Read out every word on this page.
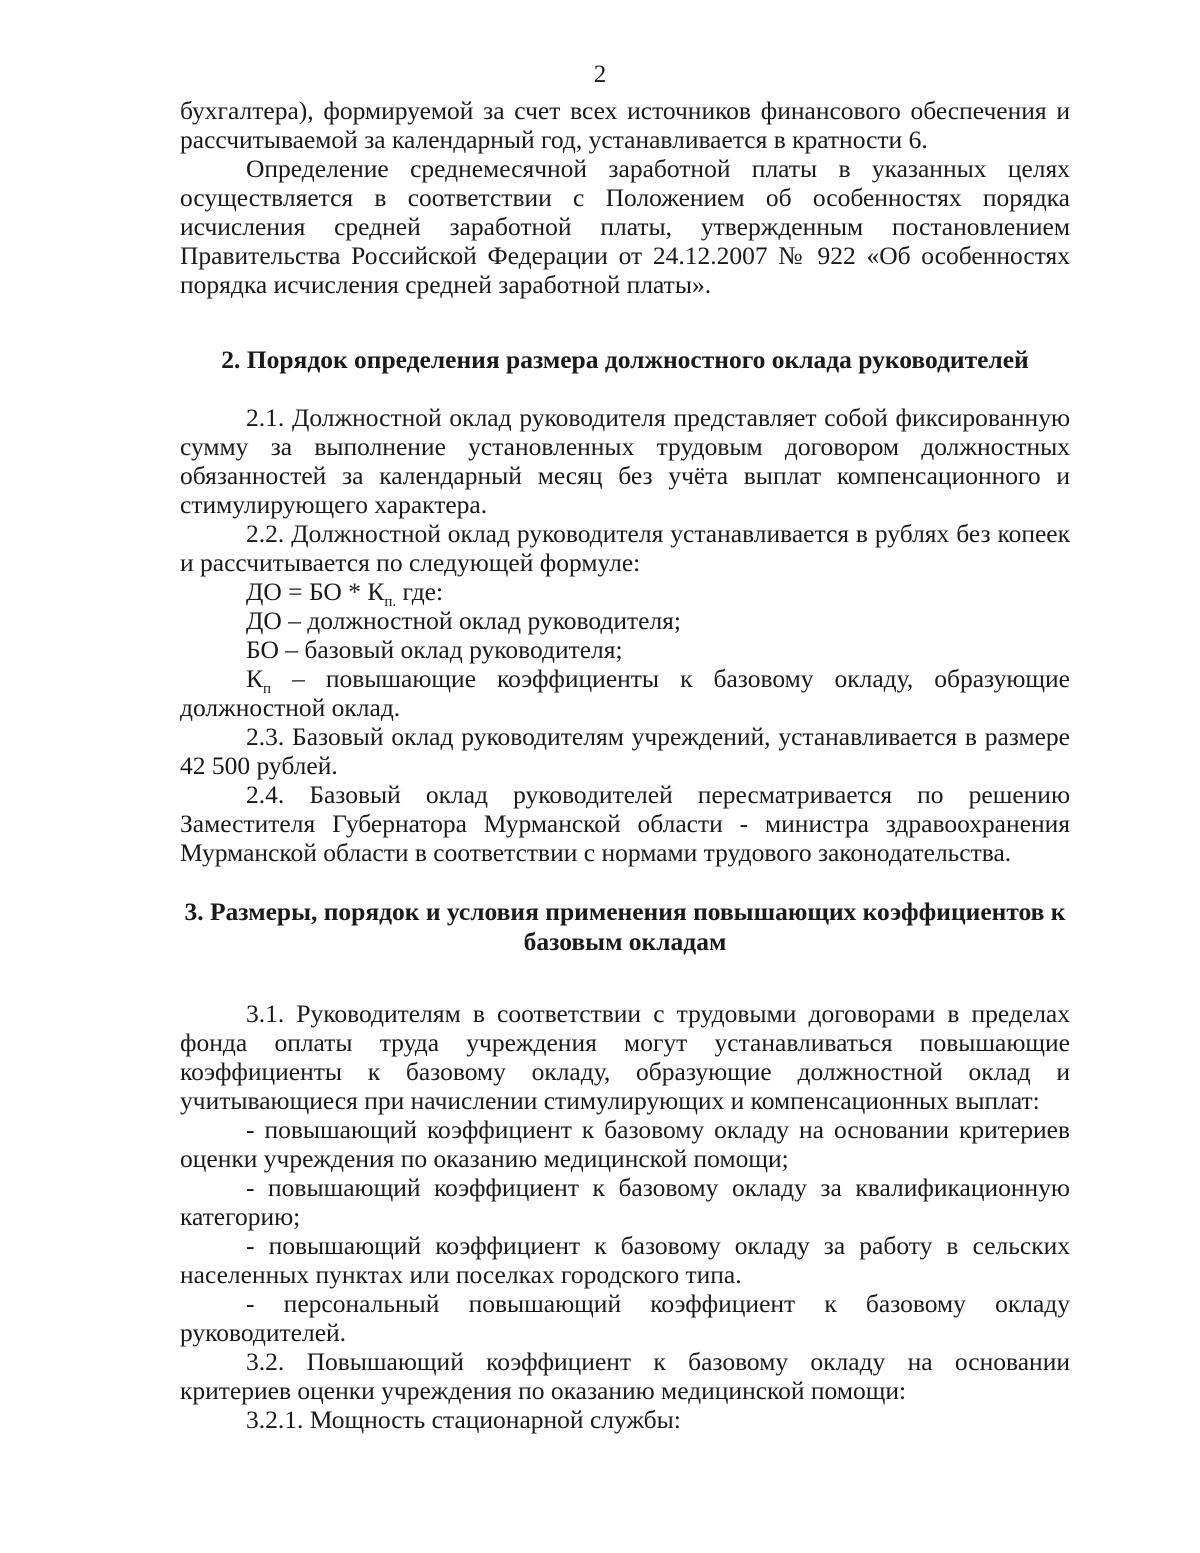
2

бухгалтера), формируемой за счет всех источников финансового обеспечения и рассчитываемой за календарный год, устанавливается в кратности 6.

Определение среднемесячной заработной платы в указанных целях осуществляется в соответствии с Положением об особенностях порядка исчисления средней заработной платы, утвержденным постановлением Правительства Российской Федерации от 24.12.2007 № 922 «Об особенностях порядка исчисления средней заработной платы».

2. Порядок определения размера должностного оклада руководителей

2.1. Должностной оклад руководителя представляет собой фиксированную сумму за выполнение установленных трудовым договором должностных обязанностей за календарный месяц без учёта выплат компенсационного и стимулирующего характера.

2.2. Должностной оклад руководителя устанавливается в рублях без копеек и рассчитывается по следующей формуле:

ДО = БО * $К_{п.}$ где:

ДО – должностной оклад руководителя;

БО – базовый оклад руководителя;

$К_п$ – повышающие коэффициенты к базовому окладу, образующие должностной оклад.

2.3. Базовый оклад руководителям учреждений, устанавливается в размере 42 500 рублей.

2.4. Базовый оклад руководителей пересматривается по решению Заместителя Губернатора Мурманской области - министра здравоохранения Мурманской области в соответствии с нормами трудового законодательства.

3. Размеры, порядок и условия применения повышающих коэффициентов к базовым окладам

3.1. Руководителям в соответствии с трудовыми договорами в пределах фонда оплаты труда учреждения могут устанавливаться повышающие коэффициенты к базовому окладу, образующие должностной оклад и учитывающиеся при начислении стимулирующих и компенсационных выплат:

- повышающий коэффициент к базовому окладу на основании критериев оценки учреждения по оказанию медицинской помощи;

- повышающий коэффициент к базовому окладу за квалификационную категорию;

- повышающий коэффициент к базовому окладу за работу в сельских населенных пунктах или поселках городского типа.

- персональный повышающий коэффициент к базовому окладу руководителей.

3.2. Повышающий коэффициент к базовому окладу на основании критериев оценки учреждения по оказанию медицинской помощи:

3.2.1. Мощность стационарной службы:
